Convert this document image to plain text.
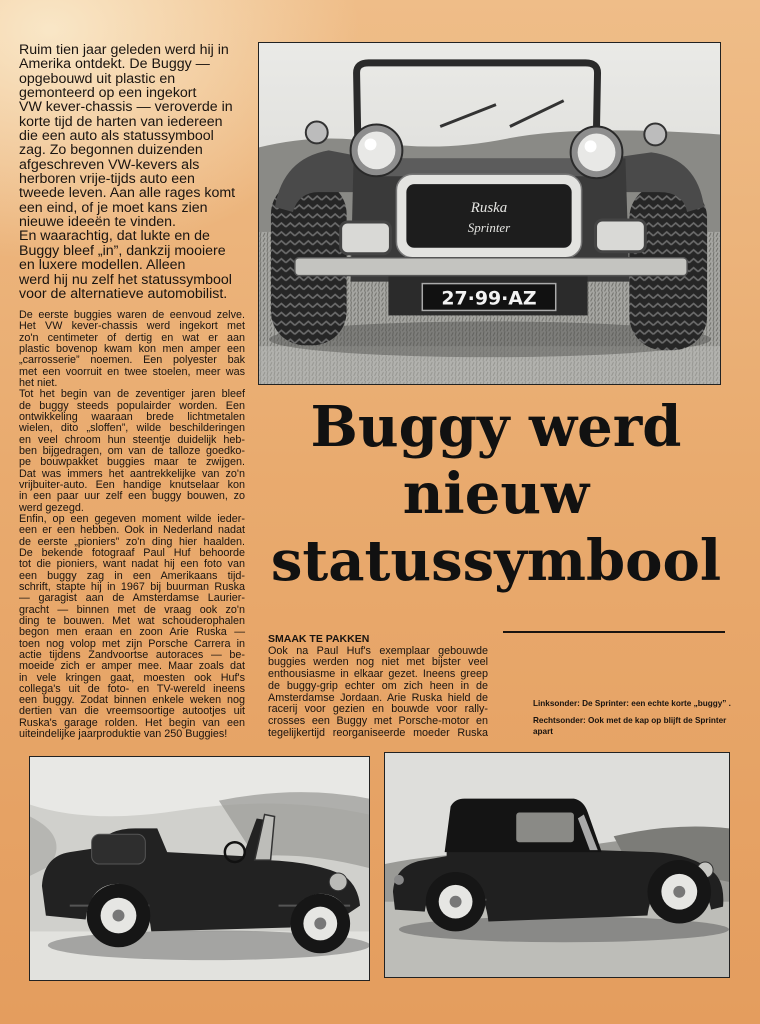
Ruim tien jaar geleden werd hij in
Amerika ontdekt. De Buggy —
opgebouwd uit plastic en
gemonteerd op een ingekort
VW kever-chassis — veroverde in
korte tijd de harten van iedereen
die een auto als statussymbool
zag. Zo begonnen duizenden
afgeschreven VW-kevers als
herboren vrije-tijds auto een
tweede leven. Aan alle rages komt
een eind, of je moet kans zien
nieuwe ideeën te vinden.
En waarachtig, dat lukte en de
Buggy bleef „in”, dankzij mooiere
en luxere modellen. Alleen
werd hij nu zelf het statussymbool
voor de alternatieve automobilist.
De eerste buggies waren de eenvoud zelve.
Het VW kever-chassis werd ingekort met
zo'n centimeter of dertig en wat er aan
plastic bovenop kwam kon men amper een
„carrosserie” noemen. Een polyester bak
met een voorruit en twee stoelen, meer was
het niet.
Tot het begin van de zeventiger jaren bleef
de buggy steeds populairder worden. Een
ontwikkeling waaraan brede lichtmetalen
wielen, dito „sloffen”, wilde beschilderingen
en veel chroom hun steentje duidelijk heb-
ben bijgedragen, om van de talloze goedko-
pe bouwpakket buggies maar te zwijgen.
Dat was immers het aantrekkelijke van zo'n
vrijbuiter-auto. Een handige knutselaar kon
in een paar uur zelf een buggy bouwen, zo
werd gezegd.
Enfin, op een gegeven moment wilde ieder-
een er een hebben. Ook in Nederland nadat
de eerste „pioniers” zo'n ding hier haalden.
De bekende fotograaf Paul Huf behoorde
tot die pioniers, want nadat hij een foto van
een buggy zag in een Amerikaans tijd-
schrift, stapte hij in 1967 bij buurman Ruska
— garagist aan de Amsterdamse Laurier-
gracht — binnen met de vraag ook zo'n
ding te bouwen. Met wat schouderophalen
begon men eraan en zoon Arie Ruska —
toen nog volop met zijn Porsche Carrera in
actie tijdens Zandvoortse autoraces — be-
moeide zich er amper mee. Maar zoals dat
in vele kringen gaat, moesten ook Huf's
collega's uit de foto- en TV-wereld ineens
een buggy. Zodat binnen enkele weken nog
dertien van die vreemsoortige autootjes uit
Ruska's garage rolden. Het begin van een
uiteindelijke jaarproduktie van 250 Buggies!
Ruska
Sprinter
27·99·AZ
Buggy werd
nieuw
statussymbool
SMAAK TE PAKKEN
Ook na Paul Huf's exemplaar gebouwde
buggies werden nog niet met bijster veel
enthousiasme in elkaar gezet. Ineens greep
de buggy-grip echter om zich heen in de
Amsterdamse Jordaan. Arie Ruska hield de
racerij voor gezien en bouwde voor rally-
crosses een Buggy met Porsche-motor en
tegelijkertijd reorganiseerde moeder Ruska
Linksonder: De Sprinter: een echte korte „buggy” .
Rechtsonder: Ook met de kap op blijft de Sprinter
apart
